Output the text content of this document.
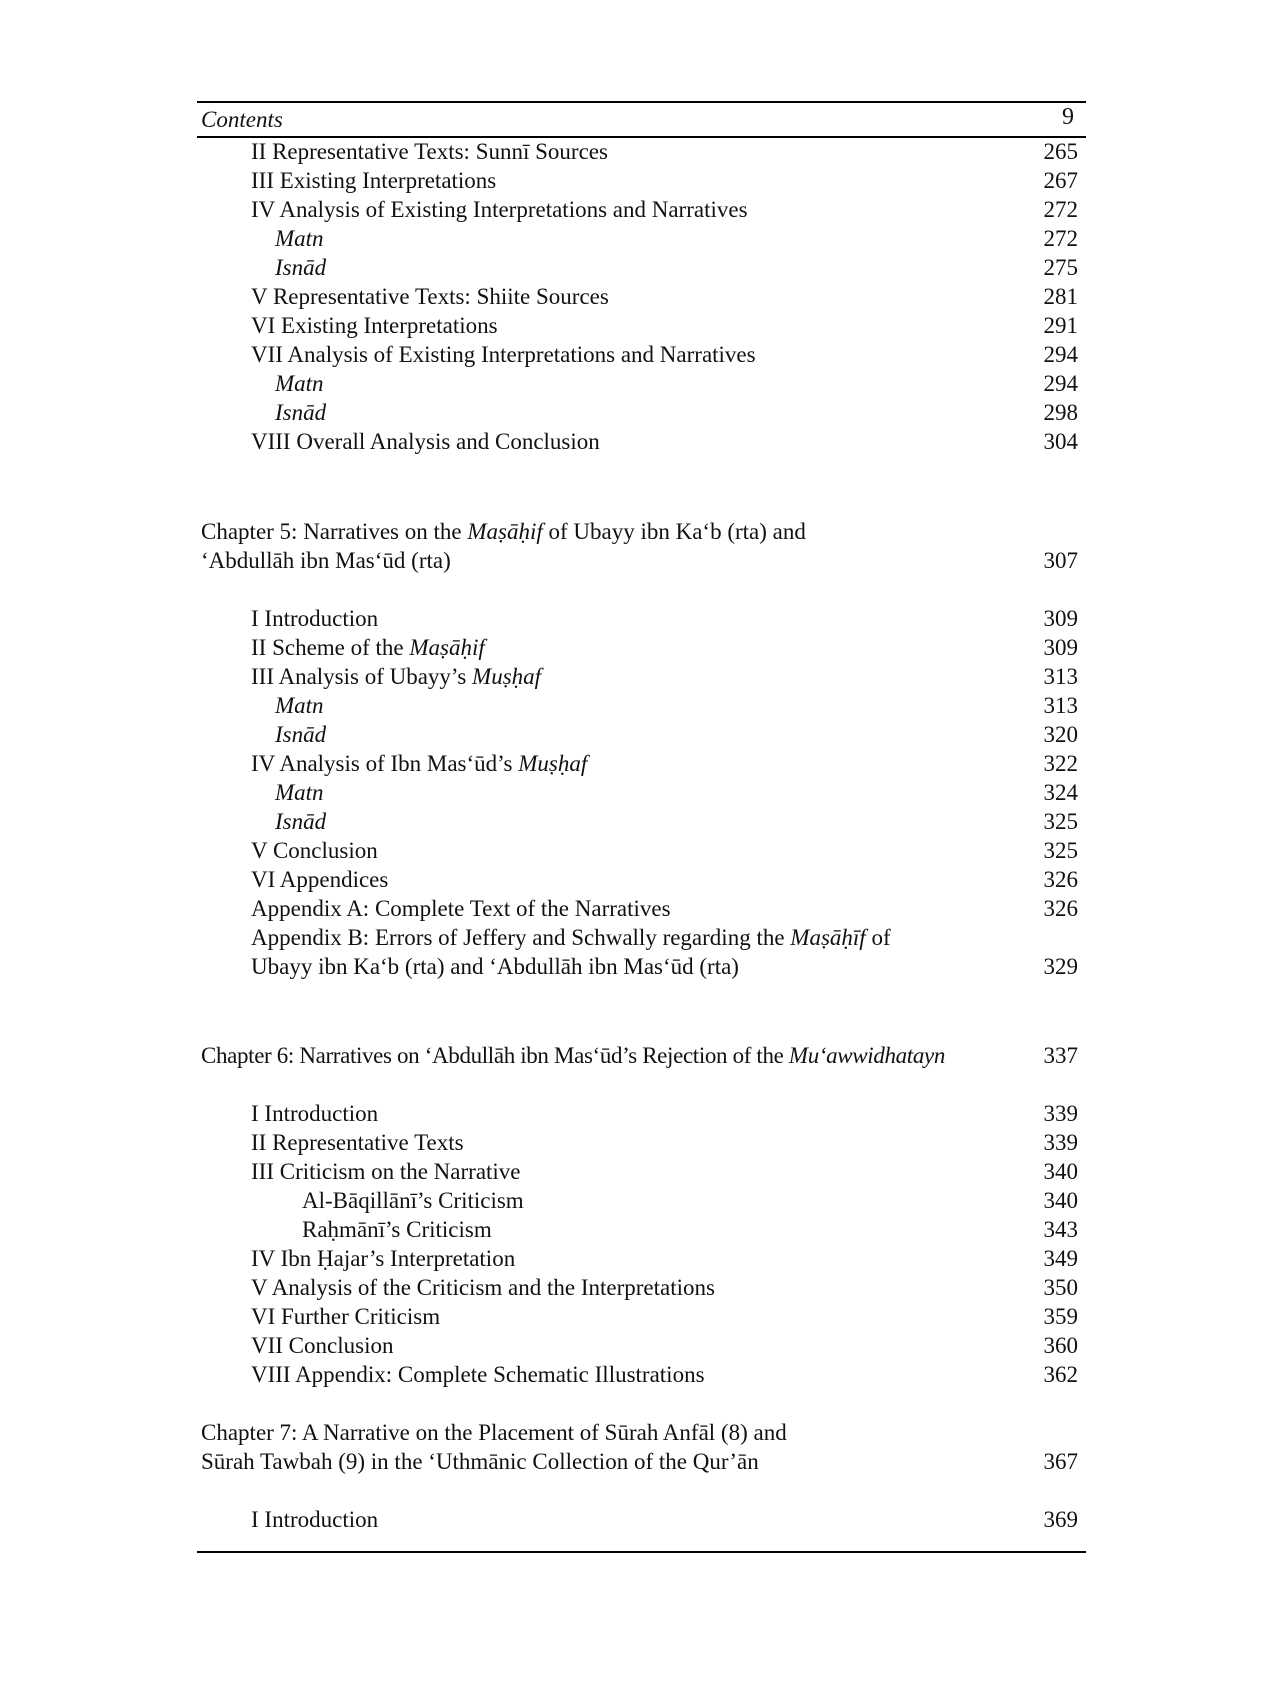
Contents	9
II Representative Texts: Sunnī Sources	265
III Existing Interpretations	267
IV Analysis of Existing Interpretations and Narratives	272
Matn	272
Isnād	275
V Representative Texts: Shiite Sources	281
VI Existing Interpretations	291
VII Analysis of Existing Interpretations and Narratives	294
Matn	294
Isnād	298
VIII Overall Analysis and Conclusion	304
Chapter 5: Narratives on the Maṣāḥif of Ubayy ibn Ka‘b (rta) and
‘Abdullāh ibn Mas‘ūd (rta)	307
I Introduction	309
II Scheme of the Maṣāḥif	309
III Analysis of Ubayy’s Muṣḥaf	313
Matn	313
Isnād	320
IV Analysis of Ibn Mas‘ūd’s Muṣḥaf	322
Matn	324
Isnād	325
V Conclusion	325
VI Appendices	326
Appendix A: Complete Text of the Narratives	326
Appendix B: Errors of Jeffery and Schwally regarding the Maṣāḥīf of
Ubayy ibn Ka‘b (rta) and ‘Abdullāh ibn Mas‘ūd (rta)	329
Chapter 6: Narratives on ‘Abdullāh ibn Mas‘ūd’s Rejection of the Mu‘awwidhatayn	337
I Introduction	339
II Representative Texts	339
III Criticism on the Narrative	340
Al-Bāqillānī’s Criticism	340
Raḥmānī’s Criticism	343
IV Ibn Ḥajar’s Interpretation	349
V Analysis of the Criticism and the Interpretations	350
VI Further Criticism	359
VII Conclusion	360
VIII Appendix: Complete Schematic Illustrations	362
Chapter 7: A Narrative on the Placement of Sūrah Anfāl (8) and
Sūrah Tawbah (9) in the ‘Uthmānic Collection of the Qur’ān	367
I Introduction	369
